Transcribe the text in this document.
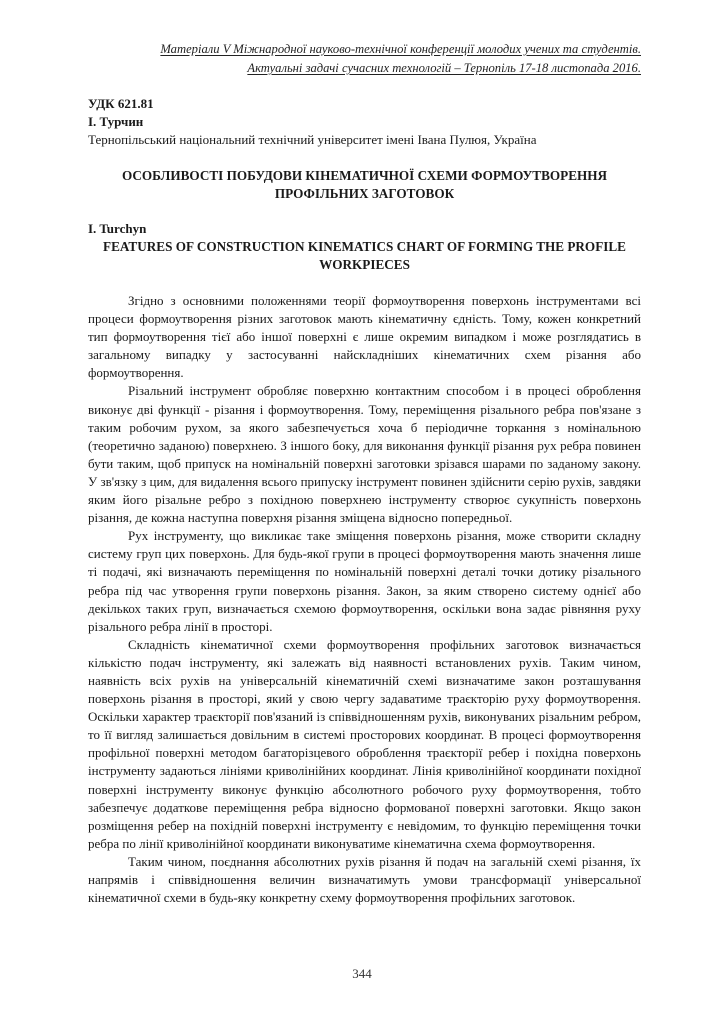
Матеріали V Міжнародної науково-технічної конференції молодих учених та студентів.
Актуальні задачі сучасних технологій – Тернопіль 17-18 листопада 2016.
УДК 621.81
І. Турчин
Тернопільський національний технічний університет імені Івана Пулюя, Україна
ОСОБЛИВОСТІ ПОБУДОВИ КІНЕМАТИЧНОЇ СХЕМИ ФОРМОУТВОРЕННЯ ПРОФІЛЬНИХ ЗАГОТОВОК
I. Turchyn
FEATURES OF CONSTRUCTION KINEMATICS CHART OF FORMING THE PROFILE WORKPIECES

Згідно з основними положеннями теорії формоутворення поверхонь інструментами всі процеси формоутворення різних заготовок мають кінематичну єдність. Тому, кожен конкретний тип формоутворення тієї або іншої поверхні є лише окремим випадком і може розглядатись в загальному випадку у застосуванні найскладніших кінематичних схем різання або формоутворення.

Різальний інструмент обробляє поверхню контактним способом і в процесі оброблення виконує дві функції - різання і формоутворення. Тому, переміщення різального ребра пов'язане з таким робочим рухом, за якого забезпечується хоча б періодичне торкання з номінальною (теоретично заданою) поверхнею. З іншого боку, для виконання функції різання рух ребра повинен бути таким, щоб припуск на номінальній поверхні заготовки зрізався шарами по заданому закону. У зв'язку з цим, для видалення всього припуску інструмент повинен здійснити серію рухів, завдяки яким його різальне ребро з похідною поверхнею інструменту створює сукупність поверхонь різання, де кожна наступна поверхня різання зміщена відносно попередньої.

Рух інструменту, що викликає таке зміщення поверхонь різання, може створити складну систему груп цих поверхонь. Для будь-якої групи в процесі формоутворення мають значення лише ті подачі, які визначають переміщення по номінальній поверхні деталі точки дотику різального ребра під час утворення групи поверхонь різання. Закон, за яким створено систему однієї або декількох таких груп, визначається схемою формоутворення, оскільки вона задає рівняння руху різального ребра лінії в просторі.

Складність кінематичної схеми формоутворення профільних заготовок визначається кількістю подач інструменту, які залежать від наявності встановлених рухів. Таким чином, наявність всіх рухів на універсальній кінематичній схемі визначатиме закон розташування поверхонь різання в просторі, який у свою чергу задаватиме траєкторію руху формоутворення. Оскільки характер траєкторії пов'язаний із співвідношенням рухів, виконуваних різальним ребром, то її вигляд залишається довільним в системі просторових координат. В процесі формоутворення профільної поверхні методом багаторізцевого оброблення траєкторії ребер і похідна поверхонь інструменту задаються лініями криволінійних координат. Лінія криволінійної координати похідної поверхні інструменту виконує функцію абсолютного робочого руху формоутворення, тобто забезпечує додаткове переміщення ребра відносно формованої поверхні заготовки. Якщо закон розміщення ребер на похідній поверхні інструменту є невідомим, то функцію переміщення точки ребра по лінії криволінійної координати виконуватиме кінематична схема формоутворення.

Таким чином, поєднання абсолютних рухів різання й подач на загальній схемі різання, їх напрямів і співвідношення величин визначатимуть умови трансформації універсальної кінематичної схеми в будь-яку конкретну схему формоутворення профільних заготовок.

344
